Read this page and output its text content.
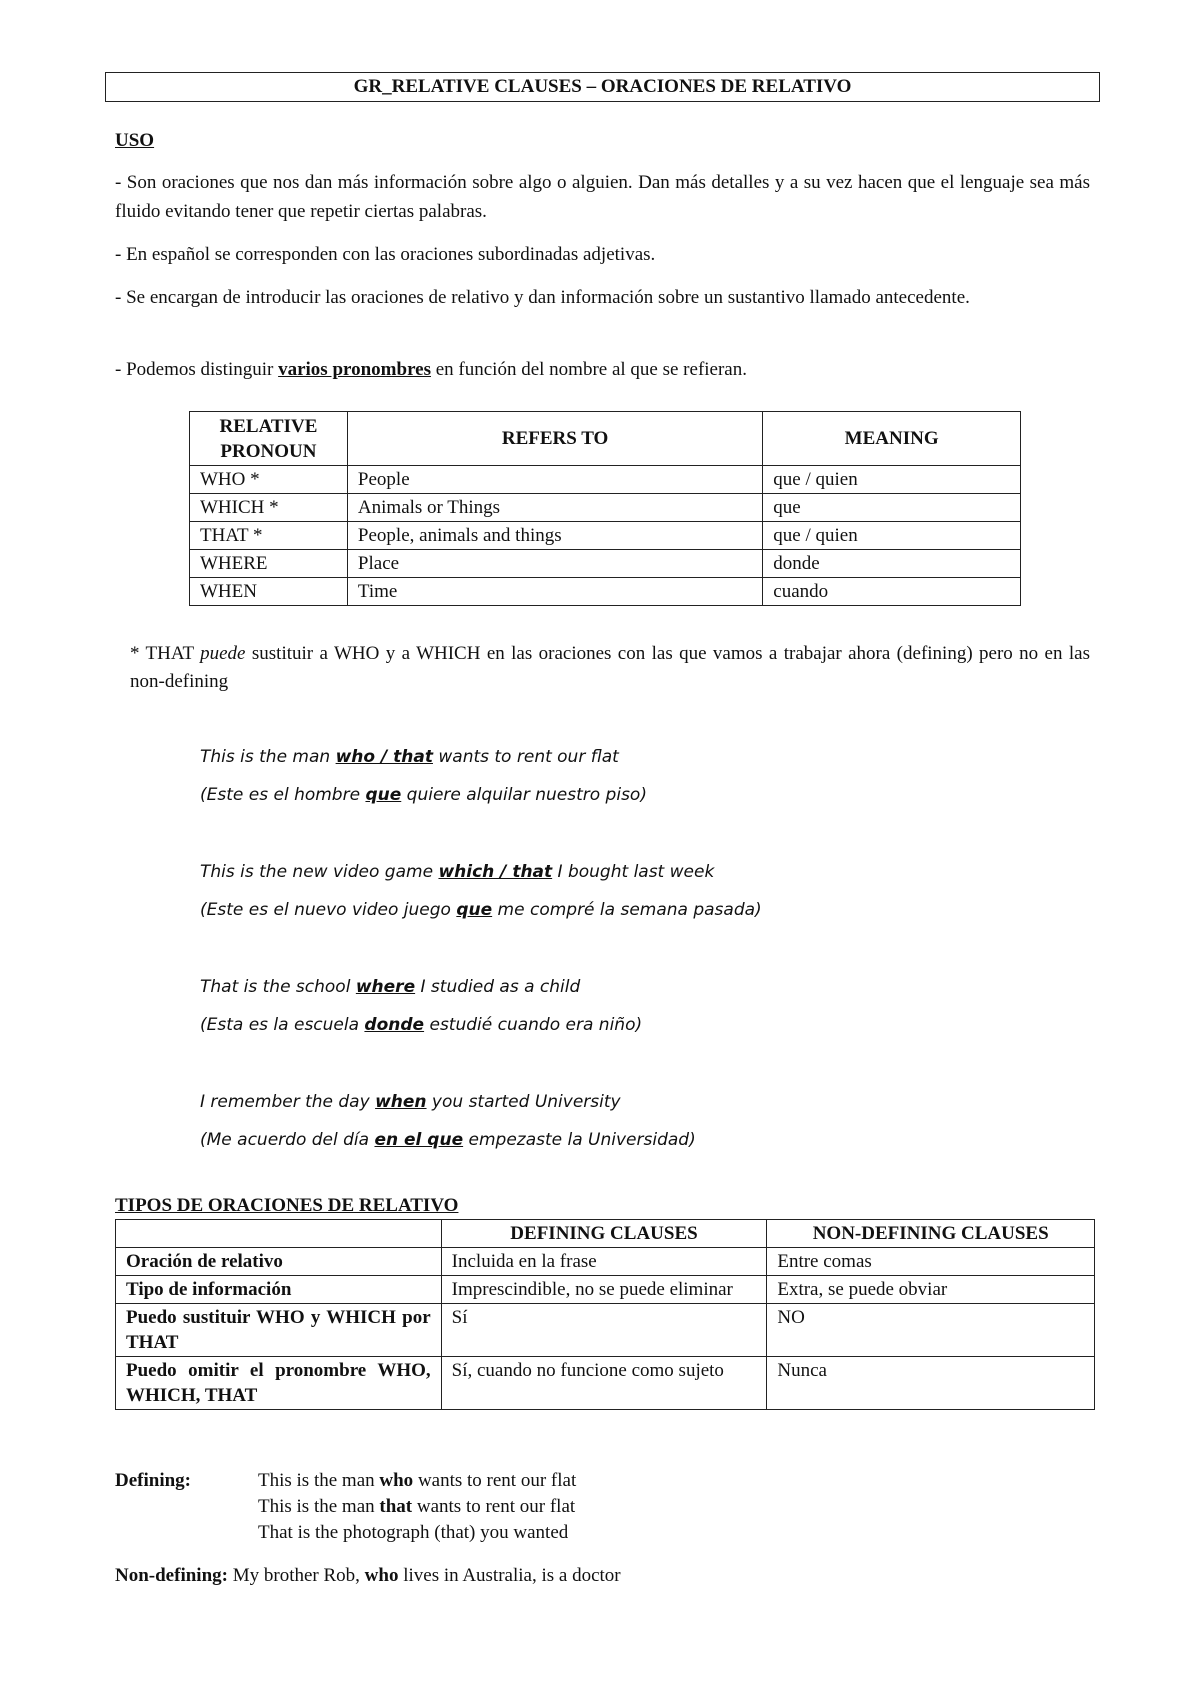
GR_RELATIVE CLAUSES – ORACIONES DE RELATIVO
USO
- Son oraciones que nos dan más información sobre algo o alguien. Dan más detalles y a su vez hacen que el lenguaje sea más fluido evitando tener que repetir ciertas palabras.
- En español se corresponden con las oraciones subordinadas adjetivas.
- Se encargan de introducir las oraciones de relativo y dan información sobre un sustantivo llamado antecedente.
- Podemos distinguir varios pronombres en función del nombre al que se refieran.
RELATIVE PRONOUN	REFERS TO	MEANING
WHO *	People	que / quien
WHICH *	Animals or Things	que
THAT *	People, animals and things	que / quien
WHERE	Place	donde
WHEN	Time	cuando
* THAT puede sustituir a WHO y a WHICH en las oraciones con las que vamos a trabajar ahora (defining) pero no en las non-defining
This is the man who / that wants to rent our flat
(Este es el hombre que quiere alquilar nuestro piso)
This is the new video game which / that I bought last week
(Este es el nuevo video juego que me compré la semana pasada)
That is the school where I studied as a child
(Esta es la escuela donde estudié cuando era niño)
I remember the day when you started University
(Me acuerdo del día en el que empezaste la Universidad)
TIPOS DE ORACIONES DE RELATIVO
	DEFINING CLAUSES	NON-DEFINING CLAUSES
Oración de relativo	Incluida en la frase	Entre comas
Tipo de información	Imprescindible, no se puede eliminar	Extra, se puede obviar
Puedo sustituir WHO y WHICH por THAT	Sí	NO
Puedo omitir el pronombre WHO, WHICH, THAT	Sí, cuando no funcione como sujeto	Nunca
Defining:	This is the man who wants to rent our flat
This is the man that wants to rent our flat
That is the photograph (that) you wanted
Non-defining: My brother Rob, who lives in Australia, is a doctor
